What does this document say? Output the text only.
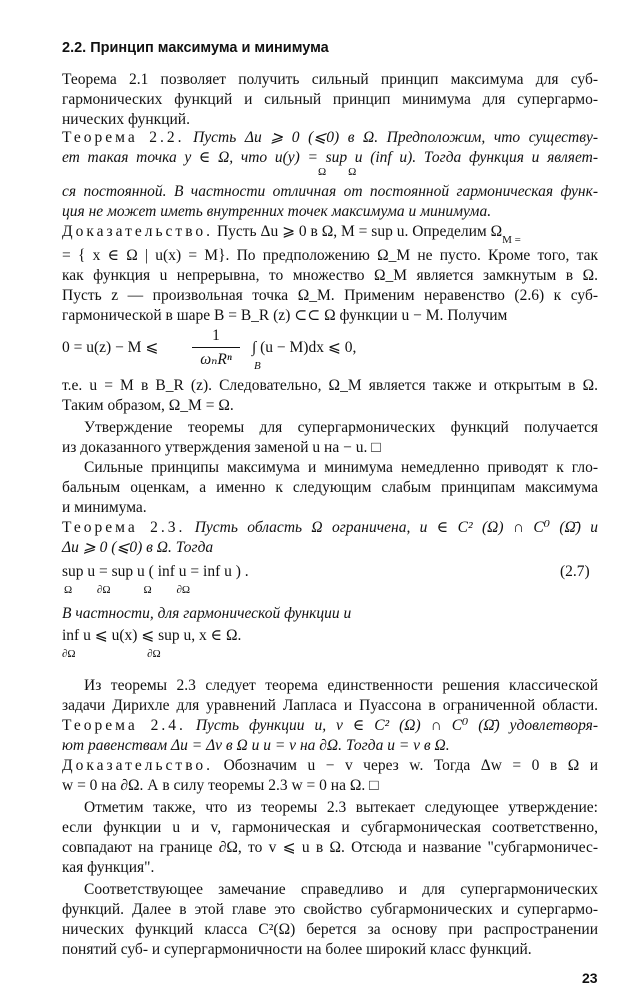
2.2. Принцип максимума и минимума
Теорема 2.1 позволяет получить сильный принцип максимума для суб-
гармонических функций и сильный принцип минимума для супергармо-
нических функций.
Теорема 2.2. Пусть Δu ⩾ 0 (⩽0) в Ω. Предположим, что существу-
ет такая точка y ∈ Ω, что u(y) = sup u (inf u). Тогда функция и являет-
Ω        Ω
ся постоянной. В частности отличная от постоянной гармоническая функ-
ция не может иметь внутренних точек максимума и минимума.
Доказательство. Пусть Δu ⩾ 0 в Ω, M = sup u. Определим ΩM =
= { x ∈ Ω | u(x) = M}. По предположению Ω_M не пусто. Кроме того, так
как функция u непрерывна, то множество Ω_M является замкнутым в Ω.
Пусть z — произвольная точка Ω_M. Применим неравенство (2.6) к суб-
гармонической в шаре B = B_R (z) ⊂⊂ Ω функции u − M. Получим
0 = u(z) − M ⩽
1
ωₙRⁿ
∫ (u − M)dx ⩽ 0,
B
т.е. u = M в B_R (z). Следовательно, Ω_M является также и открытым в Ω.
Таким образом, Ω_M = Ω.
Утверждение теоремы для супергармонических функций получается
из доказанного утверждения заменой u на − u. □
Сильные принципы максимума и минимума немедленно приводят к гло-
бальным оценкам, а именно к следующим слабым принципам максимума
и минимума.
Теорема 2.3. Пусть область Ω ограничена, u ∈ C² (Ω) ∩ C⁰ (Ω̄) и
Δu ⩾ 0 (⩽0) в Ω. Тогда
sup u = sup u ( inf u = inf u ) .
Ω         ∂Ω            Ω         ∂Ω
(2.7)
В частности, для гармонической функции u
inf u ⩽ u(x) ⩽ sup u, x ∈ Ω.
∂Ω                          ∂Ω
Из теоремы 2.3 следует теорема единственности решения классической
задачи Дирихле для уравнений Лапласа и Пуассона в ограниченной области.
Теорема 2.4. Пусть функции u, v ∈ C² (Ω) ∩ C⁰ (Ω̄) удовлетворя-
ют равенствам Δu = Δv в Ω и u = v на ∂Ω. Тогда u = v в Ω.
Доказательство. Обозначим u − v через w. Тогда Δw = 0 в Ω и
w = 0 на ∂Ω. А в силу теоремы 2.3 w = 0 на Ω. □
Отметим также, что из теоремы 2.3 вытекает следующее утверждение:
если функции u и v, гармоническая и субгармоническая соответственно,
совпадают на границе ∂Ω, то v ⩽ u в Ω. Отсюда и название "субгармоничес-
кая функция".
Соответствующее замечание справедливо и для супергармонических
функций. Далее в этой главе это свойство субгармонических и супергармо-
нических функций класса C²(Ω) берется за основу при распространении
понятий суб- и супергармоничности на более широкий класс функций.
23
